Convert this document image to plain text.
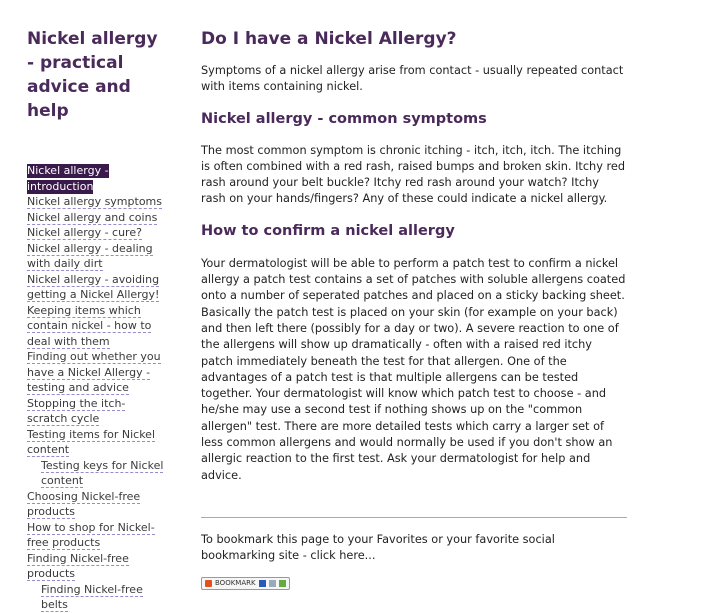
Nickel allergy - practical advice and help
Nickel allergy - introduction
Nickel allergy symptoms
Nickel allergy and coins
Nickel allergy - cure?
Nickel allergy - dealing with daily dirt
Nickel allergy - avoiding getting a Nickel Allergy!
Keeping items which contain nickel - how to deal with them
Finding out whether you have a Nickel Allergy - testing and advice
Stopping the itch-scratch cycle
Testing items for Nickel content
Testing keys for Nickel content
Choosing Nickel-free products
How to shop for Nickel-free products
Finding Nickel-free products
Finding Nickel-free belts
Do I have a Nickel Allergy?

Symptoms of a nickel allergy arise from contact - usually repeated contact with items containing nickel.

Nickel allergy - common symptoms

The most common symptom is chronic itching - itch, itch, itch. The itching is often combined with a red rash, raised bumps and broken skin. Itchy red rash around your belt buckle? Itchy red rash around your watch? Itchy rash on your hands/fingers? Any of these could indicate a nickel allergy.

How to confirm a nickel allergy

Your dermatologist will be able to perform a patch test to confirm a nickel allergy a patch test contains a set of patches with soluble allergens coated onto a number of seperated patches and placed on a sticky backing sheet. Basically the patch test is placed on your skin (for example on your back) and then left there (possibly for a day or two). A severe reaction to one of the allergens will show up dramatically - often with a raised red itchy patch immediately beneath the test for that allergen. One of the advantages of a patch test is that multiple allergens can be tested together. Your dermatologist will know which patch test to choose - and he/she may use a second test if nothing shows up on the "common allergen" test. There are more detailed tests which carry a larger set of less common allergens and would normally be used if you don't show an allergic reaction to the first test. Ask your dermatologist for help and advice.

To bookmark this page to your Favorites or your favorite social bookmarking site - click here...

BOOKMARK
